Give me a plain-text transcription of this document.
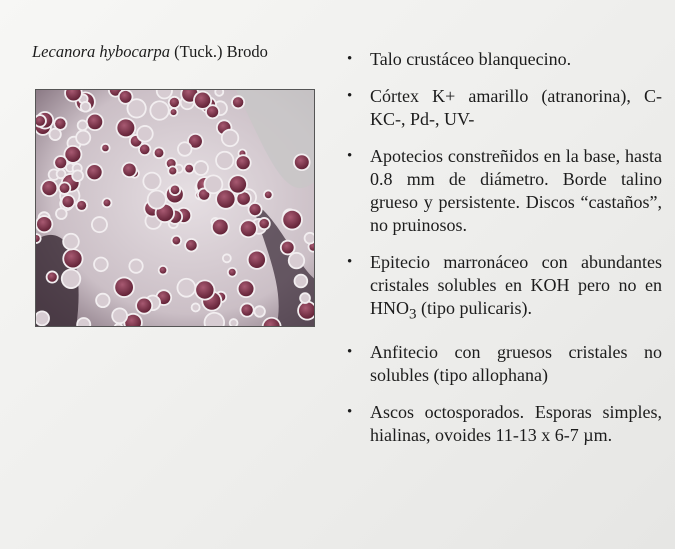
Lecanora hybocarpa (Tuck.) Brodo	• Talo crustáceo blanquecino.
• Córtex K+ amarillo (atranorina), C- KC-, Pd-, UV-
• Apotecios constreñidos en la base, hasta 0.8 mm de diámetro. Borde talino grueso y persistente. Discos “castaños”, no pruinosos.
• Epitecio marronáceo con abundantes cristales solubles en KOH pero no en $HNO_3$ (tipo pulicaris).
• Anfitecio con gruesos cristales no solubles (tipo allophana)
• Ascos octosporados. Esporas simples, hialinas, ovoides 11-13 x 6-7 µm.
